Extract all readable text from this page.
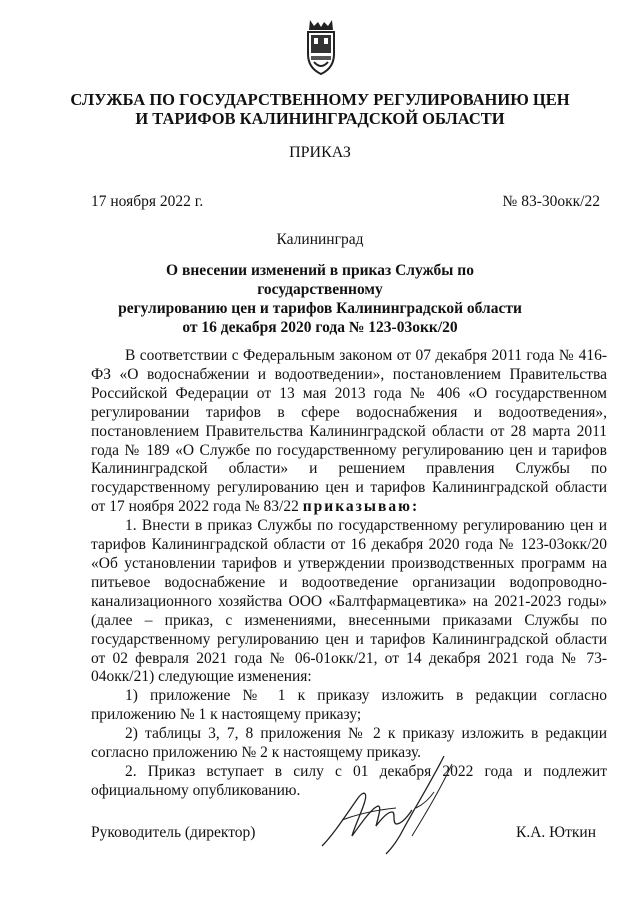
СЛУЖБА ПО ГОСУДАРСТВЕННОМУ РЕГУЛИРОВАНИЮ ЦЕН
И ТАРИФОВ КАЛИНИНГРАДСКОЙ ОБЛАСТИ
ПРИКАЗ
17 ноября 2022 г.	№ 83-30окк/22
Калининград
О внесении изменений в приказ Службы по государственному
регулированию цен и тарифов Калининградской области
от 16 декабря 2020 года № 123-03окк/20

В соответствии с Федеральным законом от 07 декабря 2011 года № 416-ФЗ «О водоснабжении и водоотведении», постановлением Правительства Российской Федерации от 13 мая 2013 года № 406 «О государственном регулировании тарифов в сфере водоснабжения и водоотведения», постановлением Правительства Калининградской области от 28 марта 2011 года № 189 «О Службе по государственному регулированию цен и тарифов Калининградской области» и решением правления Службы по государственному регулированию цен и тарифов Калининградской области от 17 ноября 2022 года № 83/22 приказываю:

1. Внести в приказ Службы по государственному регулированию цен и тарифов Калининградской области от 16 декабря 2020 года № 123-03окк/20 «Об установлении тарифов и утверждении производственных программ на питьевое водоснабжение и водоотведение организации водопроводно-канализационного хозяйства ООО «Балтфармацевтика» на 2021-2023 годы» (далее – приказ, с изменениями, внесенными приказами Службы по государственному регулированию цен и тарифов Калининградской области от 02 февраля 2021 года № 06-01окк/21, от 14 декабря 2021 года № 73-04окк/21) следующие изменения:

1) приложение № 1 к приказу изложить в редакции согласно приложению № 1 к настоящему приказу;

2) таблицы 3, 7, 8 приложения № 2 к приказу изложить в редакции согласно приложению № 2 к настоящему приказу.

2. Приказ вступает в силу с 01 декабря 2022 года и подлежит официальному опубликованию.

Руководитель (директор)	К.А. Юткин
